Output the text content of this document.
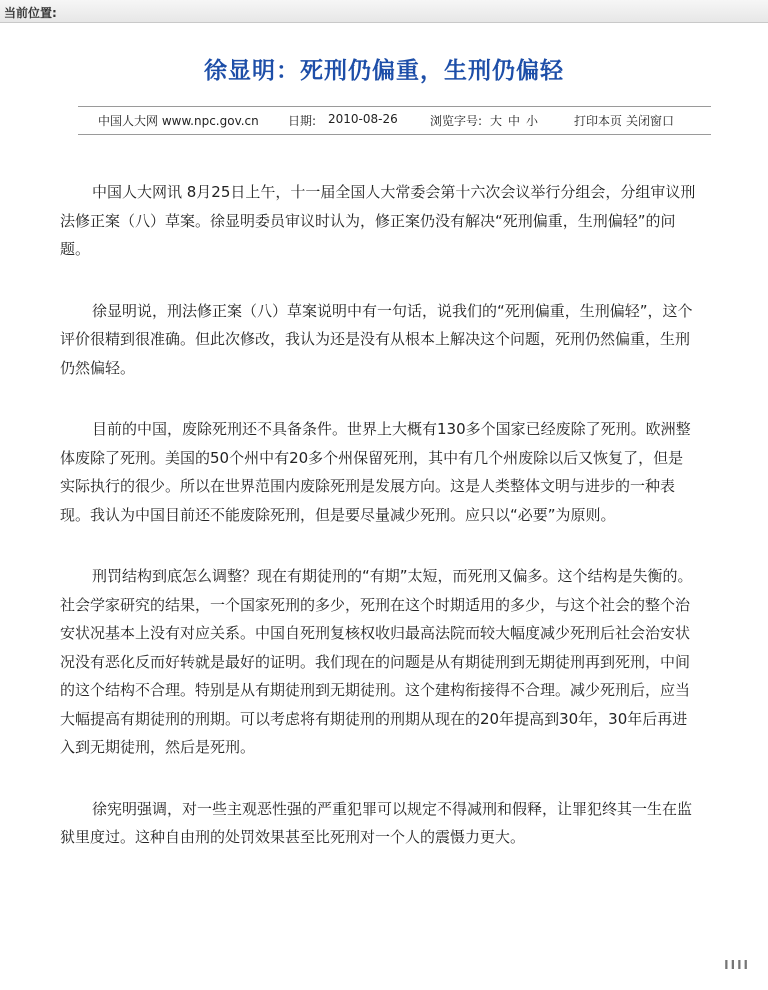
当前位置:
徐显明：死刑仍偏重，生刑仍偏轻
中国人大网 www.npc.gov.cn 日期: 2010-08-26	浏览字号: 大 中 小	打印本页 关闭窗口

中国人大网讯 8月25日上午，十一届全国人大常委会第十六次会议举行分组会，分组审议刑法修正案（八）草案。徐显明委员审议时认为，修正案仍没有解决“死刑偏重，生刑偏轻”的问题。

徐显明说，刑法修正案（八）草案说明中有一句话，说我们的“死刑偏重，生刑偏轻”，这个评价很精到很准确。但此次修改，我认为还是没有从根本上解决这个问题，死刑仍然偏重，生刑仍然偏轻。

目前的中国，废除死刑还不具备条件。世界上大概有130多个国家已经废除了死刑。欧洲整体废除了死刑。美国的50个州中有20多个州保留死刑，其中有几个州废除以后又恢复了，但是实际执行的很少。所以在世界范围内废除死刑是发展方向。这是人类整体文明与进步的一种表现。我认为中国目前还不能废除死刑，但是要尽量减少死刑。应只以“必要”为原则。

刑罚结构到底怎么调整？现在有期徒刑的“有期”太短，而死刑又偏多。这个结构是失衡的。社会学家研究的结果，一个国家死刑的多少，死刑在这个时期适用的多少，与这个社会的整个治安状况基本上没有对应关系。中国自死刑复核权收归最高法院而较大幅度减少死刑后社会治安状况没有恶化反而好转就是最好的证明。我们现在的问题是从有期徒刑到无期徒刑再到死刑，中间的这个结构不合理。特别是从有期徒刑到无期徒刑。这个建构衔接得不合理。减少死刑后，应当大幅提高有期徒刑的刑期。可以考虑将有期徒刑的刑期从现在的20年提高到30年，30年后再进入到无期徒刑，然后是死刑。

徐宪明强调，对一些主观恶性强的严重犯罪可以规定不得减刑和假释，让罪犯终其一生在监狱里度过。这种自由刑的处罚效果甚至比死刑对一个人的震慑力更大。

IIII
